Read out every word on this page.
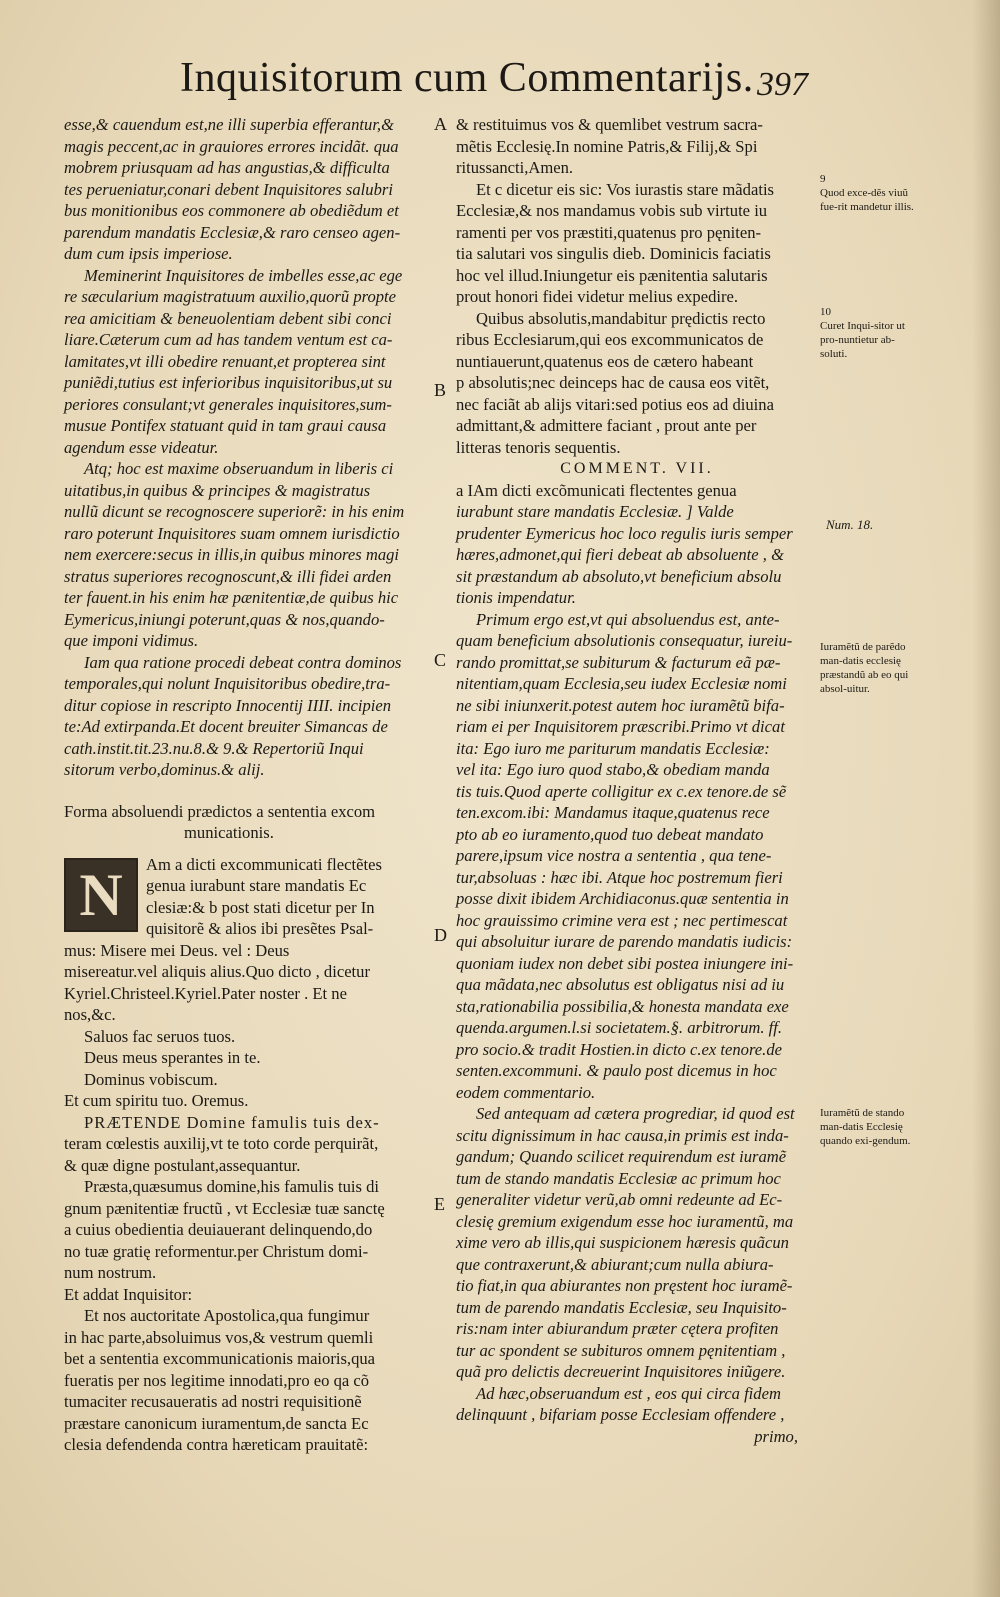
Inquisitorum cum Commentarijs. 397
A
B
C
D
E

esse,& cauendum est,ne illi superbia efferantur,&

magis peccent,ac in grauiores errores incidãt. qua

mobrem priusquam ad has angustias,& difficulta

tes perueniatur,conari debent Inquisitores salubri

bus monitionibus eos commonere ab obediẽdum et

parendum mandatis Ecclesiæ,& raro censeo agen-

dum cum ipsis imperiose.

Meminerint Inquisitores de imbelles esse,ac ege

re sæcularium magistratuum auxilio,quorũ propte

rea amicitiam & beneuolentiam debent sibi conci

liare.Cæterum cum ad has tandem ventum est ca-

lamitates,vt illi obedire renuant,et propterea sint

puniẽdi,tutius est inferioribus inquisitoribus,ut su

periores consulant;vt generales inquisitores,sum-

musue Pontifex statuant quid in tam graui causa

agendum esse videatur.

Atq; hoc est maxime obseruandum in liberis ci

uitatibus,in quibus & principes & magistratus

nullũ dicunt se recognoscere superiorẽ: in his enim

raro poterunt Inquisitores suam omnem iurisdictio

nem exercere:secus in illis,in quibus minores magi

stratus superiores recognoscunt,& illi fidei arden

ter fauent.in his enim hæ pænitentiæ,de quibus hic

Eymericus,iniungi poterunt,quas & nos,quando-

que imponi vidimus.

Iam qua ratione procedi debeat contra dominos

temporales,qui nolunt Inquisitoribus obedire,tra-

ditur copiose in rescripto Innocentij IIII. incipien

te:Ad extirpanda.Et docent breuiter Simancas de

cath.instit.tit.23.nu.8.& 9.& Repertoriũ Inqui

sitorum verbo,dominus.& alij.

Forma absoluendi prædictos a sententia excom

municationis.

N	Am a dicti excommunicati flectẽtes

genua iurabunt stare mandatis Ec

clesiæ:& b post stati dicetur per In

quisitorẽ & alios ibi presẽtes Psal-

mus: Misere mei Deus. vel : Deus

misereatur.vel aliquis alius.Quo dicto , dicetur

Kyriel.Christeel.Kyriel.Pater noster . Et ne

nos,&c.

Saluos fac seruos tuos.

Deus meus sperantes in te.

Dominus vobiscum.

Et cum spiritu tuo. Oremus.

PRÆTENDE Domine famulis tuis dex-

teram cœlestis auxilij,vt te toto corde perquirãt,

& quæ digne postulant,assequantur.

Præsta,quæsumus domine,his famulis tuis di

gnum pænitentiæ fructũ , vt Ecclesiæ tuæ sanctę

a cuius obedientia deuiauerant delinquendo,do

no tuæ gratię reformentur.per Christum domi-

num nostrum.

Et addat Inquisitor:

Et nos auctoritate Apostolica,qua fungimur

in hac parte,absoluimus vos,& vestrum quemli

bet a sententia excommunicationis maioris,qua

fueratis per nos legitime innodati,pro eo qa cõ

tumaciter recusaueratis ad nostri requisitionẽ

præstare canonicum iuramentum,de sancta Ec

clesia defendenda contra hæreticam prauitatẽ:

& restituimus vos & quemlibet vestrum sacra-

mẽtis Ecclesię.In nomine Patris,& Filij,& Spi

ritussancti,Amen.

Et c dicetur eis sic: Vos iurastis stare mãdatis

Ecclesiæ,& nos mandamus vobis sub virtute iu

ramenti per vos præstiti,quatenus pro pęniten-

tia salutari vos singulis dieb. Dominicis faciatis

hoc vel illud.Iniungetur eis pænitentia salutaris

prout honori fidei videtur melius expedire.

Quibus absolutis,mandabitur prędictis recto

ribus Ecclesiarum,qui eos excommunicatos de

nuntiauerunt,quatenus eos de cætero habeant

p absolutis;nec deinceps hac de causa eos vitẽt,

nec faciãt ab alijs vitari:sed potius eos ad diuina

admittant,& admittere faciant , prout ante per

litteras tenoris sequentis.

COMMENT. VII.

a IAm dicti excõmunicati flectentes genua

iurabunt stare mandatis Ecclesiæ. ] Valde

prudenter Eymericus hoc loco regulis iuris semper

hæres,admonet,qui fieri debeat ab absoluente , &

sit præstandum ab absoluto,vt beneficium absolu

tionis impendatur.

Primum ergo est,vt qui absoluendus est, ante-

quam beneficium absolutionis consequatur, iureiu-

rando promittat,se subiturum & facturum eã pæ-

nitentiam,quam Ecclesia,seu iudex Ecclesiæ nomi

ne sibi iniunxerit.potest autem hoc iuramẽtũ bifa-

riam ei per Inquisitorem præscribi.Primo vt dicat

ita: Ego iuro me pariturum mandatis Ecclesiæ:

vel ita: Ego iuro quod stabo,& obediam manda

tis tuis.Quod aperte colligitur ex c.ex tenore.de sẽ

ten.excom.ibi: Mandamus itaque,quatenus rece

pto ab eo iuramento,quod tuo debeat mandato

parere,ipsum vice nostra a sententia , qua tene-

tur,absoluas : hæc ibi. Atque hoc postremum fieri

posse dixit ibidem Archidiaconus.quæ sententia in

hoc grauissimo crimine vera est ; nec pertimescat

qui absoluitur iurare de parendo mandatis iudicis:

quoniam iudex non debet sibi postea iniungere ini-

qua mãdata,nec absolutus est obligatus nisi ad iu

sta,rationabilia possibilia,& honesta mandata exe

quenda.argumen.l.si societatem.§. arbitrorum. ff.

pro socio.& tradit Hostien.in dicto c.ex tenore.de

senten.excommuni. & paulo post dicemus in hoc

eodem commentario.

Sed antequam ad cætera progrediar, id quod est

scitu dignissimum in hac causa,in primis est inda-

gandum; Quando scilicet requirendum est iuramẽ

tum de stando mandatis Ecclesiæ ac primum hoc

generaliter videtur verũ,ab omni redeunte ad Ec-

clesię gremium exigendum esse hoc iuramentũ, ma

xime vero ab illis,qui suspicionem hæresis quãcun

que contraxerunt,& abiurant;cum nulla abiura-

tio fiat,in qua abiurantes non pręstent hoc iuramẽ-

tum de parendo mandatis Ecclesiæ, seu Inquisito-

ris:nam inter abiurandum præter cętera profiten

tur ac spondent se subituros omnem pęnitentiam ,

quã pro delictis decreuerint Inquisitores iniũgere.

Ad hæc,obseruandum est , eos qui circa fidem

delinquunt , bifariam posse Ecclesiam offendere ,

primo,

9

Quod exce-dẽs viuũ fue-rit mandetur illis.

10

Curet Inqui-sitor ut pro-nuntietur ab-soluti.

Num. 18.
Iuramẽtũ de parẽdo man-datis ecclesię præstandũ ab eo qui absol-uitur.
Iuramẽtũ de stando man-datis Ecclesię quando exi-gendum.
